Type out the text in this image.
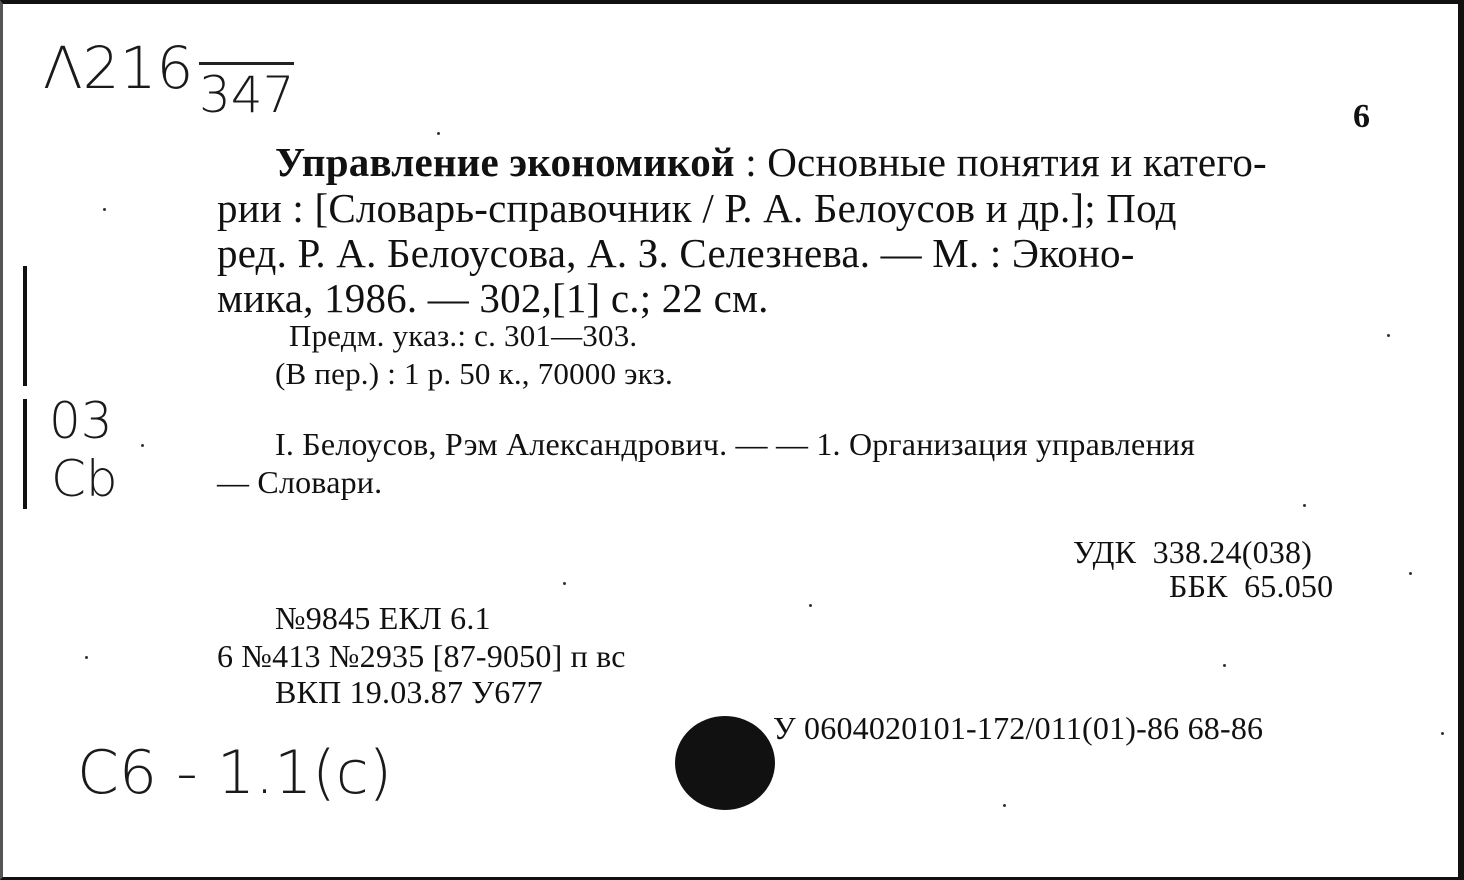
Λ216 347
03
Cb
C6 - 1.1(c)
6
Управление экономикой : Основные понятия и катего-
рии : [Словарь-справочник / Р. А. Белоусов и др.]; Под
ред. Р. А. Белоусова, А. З. Селезнева. — М. : Эконо-
мика, 1986. — 302,[1] с.; 22 см.
Предм. указ.: с. 301—303.
(В пер.) : 1 р. 50 к., 70000 экз.
I. Белоусов, Рэм Александрович. — — 1. Организация управления
— Словари.
УДК  338.24(038)
ББК  65.050
№9845 ЕКЛ 6.1
6 №413 №2935 [87-9050] п вс
ВКП 19.03.87 У677
У 0604020101-172/011(01)-86 68-86
